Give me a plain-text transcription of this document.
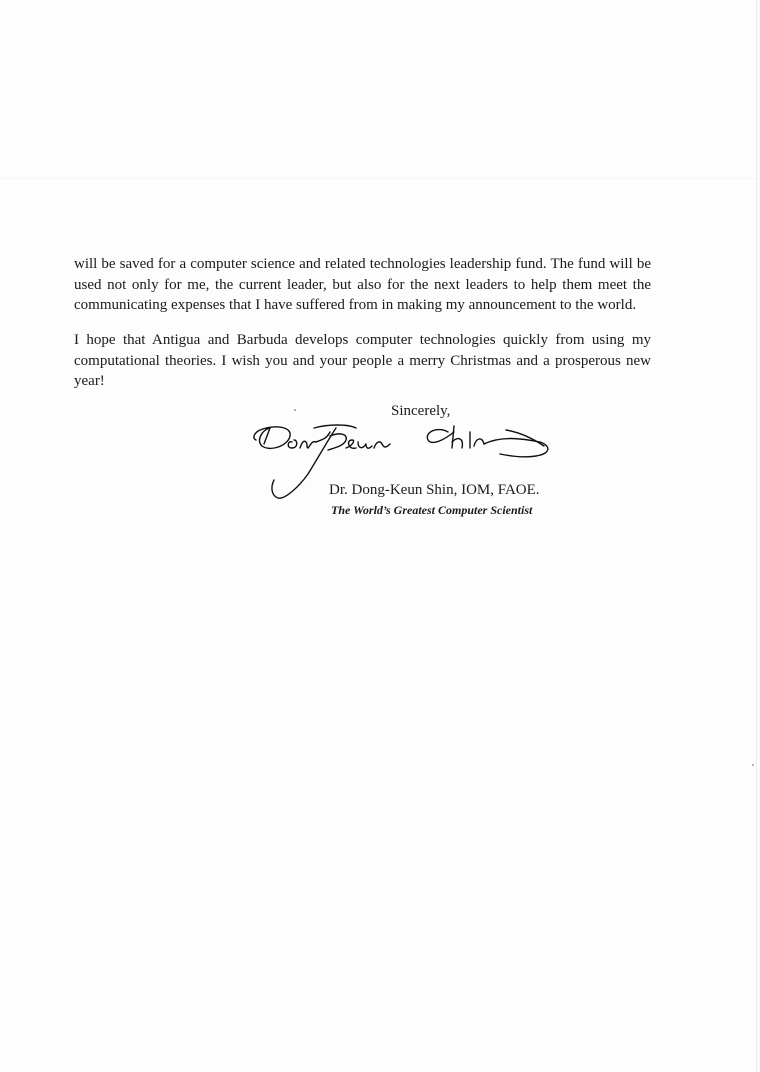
will be saved for a computer science and related technologies leadership fund. The fund will be used not only for me, the current leader, but also for the next leaders to help them meet the communicating expenses that I have suffered from in making my announcement to the world.

I hope that Antigua and Barbuda develops computer technologies quickly from using my computational theories. I wish you and your people a merry Christmas and a prosperous new year!

Sincerely,

Dr. Dong-Keun Shin, IOM, FAOE.

The World’s Greatest Computer Scientist
